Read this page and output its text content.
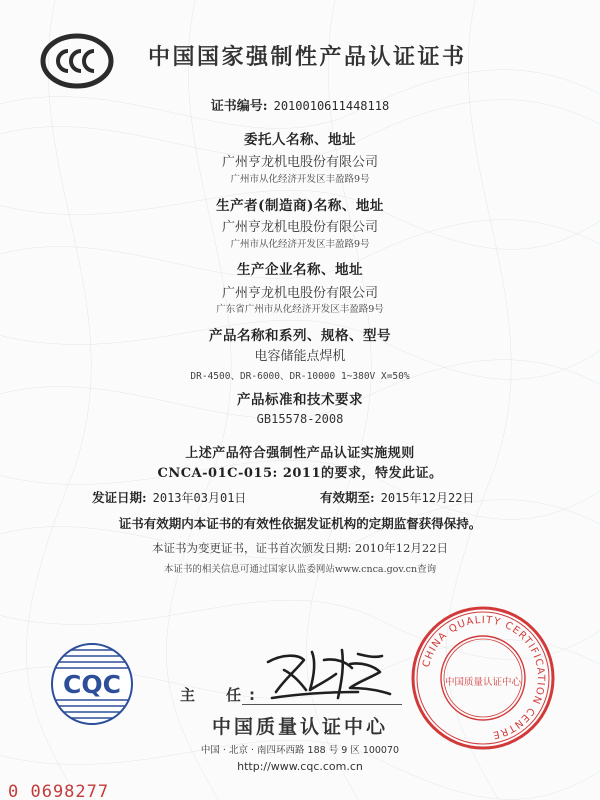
中国国家强制性产品认证证书
证书编号: 2010010611448118
委托人名称、地址
广州亨龙机电股份有限公司
广州市从化经济开发区丰盈路9号
生产者(制造商)名称、地址
广州亨龙机电股份有限公司
广州市从化经济开发区丰盈路9号
生产企业名称、地址
广州亨龙机电股份有限公司
广东省广州市从化经济开发区丰盈路9号
产品名称和系列、规格、型号
电容储能点焊机
DR-4500、DR-6000、DR-10000 1~380V X=50%
产品标准和技术要求
GB15578-2008
上述产品符合强制性产品认证实施规则
CNCA-01C-015: 2011的要求，特发此证。
发证日期: 2013年03月01日	有效期至: 2015年12月22日
证书有效期内本证书的有效性依据发证机构的定期监督获得保持。
本证书为变更证书，证书首次颁发日期: 2010年12月22日
本证书的相关信息可通过国家认监委网站www.cnca.gov.cn查询
CQC	主　任:
CHINA QUALITY CERTIFICATION CENTRE
中国质量认证中心
中国质量认证中心
中国 · 北京 · 南四环西路 188 号 9 区 100070
http://www.cqc.com.cn
0 0698277
